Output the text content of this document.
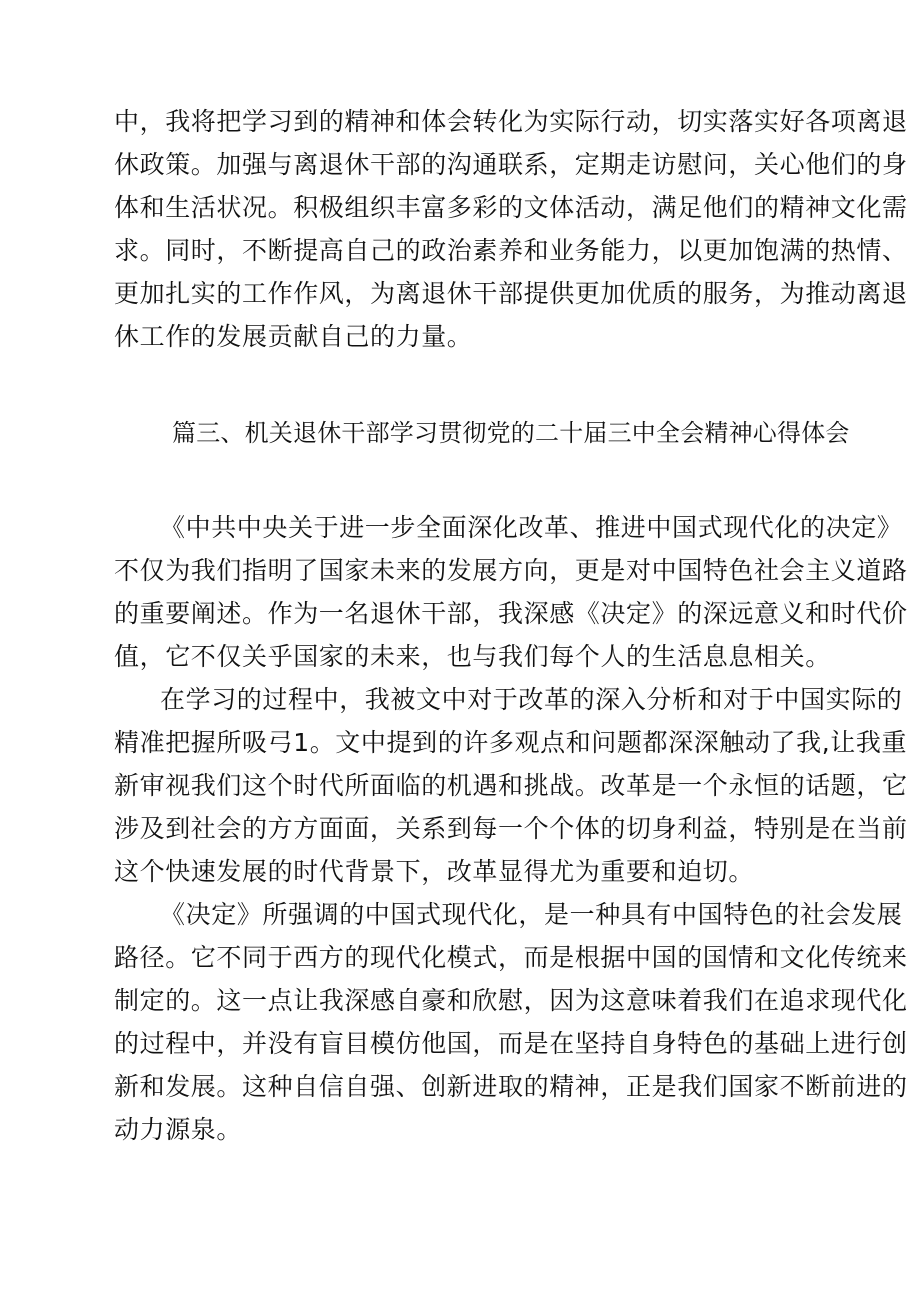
中，我将把学习到的精神和体会转化为实际行动，切实落实好各项离退
休政策。加强与离退休干部的沟通联系，定期走访慰问，关心他们的身
体和生活状况。积极组织丰富多彩的文体活动，满足他们的精神文化需
求。同时，不断提高自己的政治素养和业务能力，以更加饱满的热情、
更加扎实的工作作风，为离退休干部提供更加优质的服务，为推动离退
休工作的发展贡献自己的力量。
篇三、机关退休干部学习贯彻党的二十届三中全会精神心得体会
《中共中央关于进一步全面深化改革、推进中国式现代化的决定》
不仅为我们指明了国家未来的发展方向，更是对中国特色社会主义道路
的重要阐述。作为一名退休干部，我深感《决定》的深远意义和时代价
值，它不仅关乎国家的未来，也与我们每个人的生活息息相关。
在学习的过程中，我被文中对于改革的深入分析和对于中国实际的
精准把握所吸弓1。文中提到的许多观点和问题都深深触动了我,让我重
新审视我们这个时代所面临的机遇和挑战。改革是一个永恒的话题，它
涉及到社会的方方面面，关系到每一个个体的切身利益，特别是在当前
这个快速发展的时代背景下，改革显得尤为重要和迫切。
《决定》所强调的中国式现代化，是一种具有中国特色的社会发展
路径。它不同于西方的现代化模式，而是根据中国的国情和文化传统来
制定的。这一点让我深感自豪和欣慰，因为这意味着我们在追求现代化
的过程中，并没有盲目模仿他国，而是在坚持自身特色的基础上进行创
新和发展。这种自信自强、创新进取的精神，正是我们国家不断前进的
动力源泉。
